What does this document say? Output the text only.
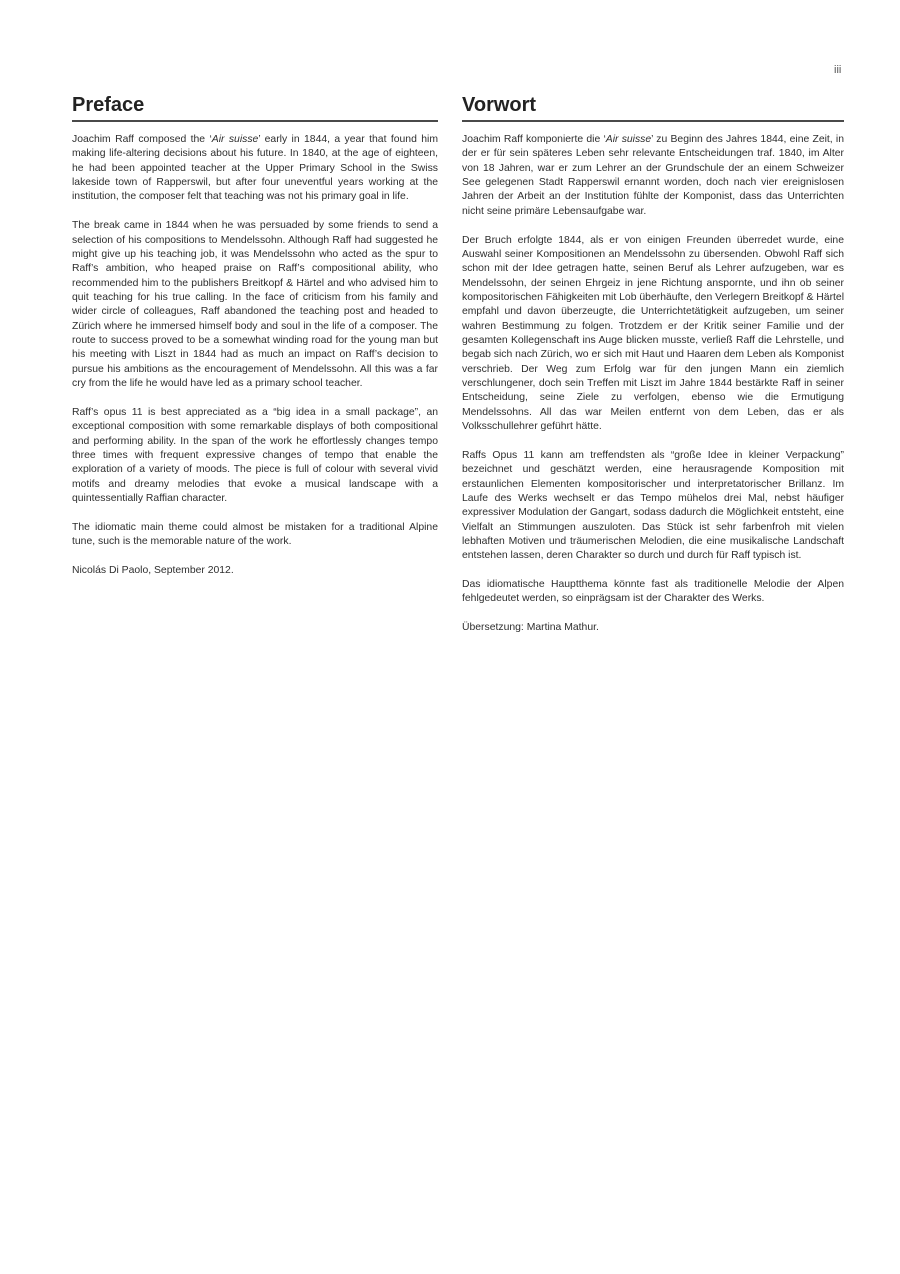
iii
Preface

Joachim Raff composed the ‘Air suisse’ early in 1844, a year that found him making life-altering decisions about his future. In 1840, at the age of eighteen, he had been appointed teacher at the Upper Primary School in the Swiss lakeside town of Rapperswil, but after four uneventful years working at the institution, the composer felt that teaching was not his primary goal in life.

The break came in 1844 when he was persuaded by some friends to send a selection of his compositions to Mendelssohn. Although Raff had suggested he might give up his teaching job, it was Mendelssohn who acted as the spur to Raff’s ambition, who heaped praise on Raff’s compositional ability, who recommended him to the publishers Breitkopf & Härtel and who advised him to quit teaching for his true calling. In the face of criticism from his family and wider circle of colleagues, Raff abandoned the teaching post and headed to Zürich where he immersed himself body and soul in the life of a composer. The route to success proved to be a somewhat winding road for the young man but his meeting with Liszt in 1844 had as much an impact on Raff’s decision to pursue his ambitions as the encouragement of Mendelssohn. All this was a far cry from the life he would have led as a primary school teacher.

Raff’s opus 11 is best appreciated as a “big idea in a small package”, an exceptional composition with some remarkable displays of both compositional and performing ability. In the span of the work he effortlessly changes tempo three times with frequent expressive changes of tempo that enable the exploration of a variety of moods. The piece is full of colour with several vivid motifs and dreamy melodies that evoke a musical landscape with a quintessentially Raffian character.

The idiomatic main theme could almost be mistaken for a traditional Alpine tune, such is the memorable nature of the work.

Nicolás Di Paolo, September 2012.

Vorwort

Joachim Raff komponierte die ‘Air suisse’ zu Beginn des Jahres 1844, eine Zeit, in der er für sein späteres Leben sehr relevante Entscheidungen traf. 1840, im Alter von 18 Jahren, war er zum Lehrer an der Grundschule der an einem Schweizer See gelegenen Stadt Rapperswil ernannt worden, doch nach vier ereignislosen Jahren der Arbeit an der Institution fühlte der Komponist, dass das Unterrichten nicht seine primäre Lebensaufgabe war.

Der Bruch erfolgte 1844, als er von einigen Freunden überredet wurde, eine Auswahl seiner Kompositionen an Mendelssohn zu übersenden. Obwohl Raff sich schon mit der Idee getragen hatte, seinen Beruf als Lehrer aufzugeben, war es Mendelssohn, der seinen Ehrgeiz in jene Richtung anspornte, und ihn ob seiner kompositorischen Fähigkeiten mit Lob überhäufte, den Verlegern Breitkopf & Härtel empfahl und davon überzeugte, die Unterrichtetätigkeit aufzugeben, um seiner wahren Bestimmung zu folgen. Trotzdem er der Kritik seiner Familie und der gesamten Kollegenschaft ins Auge blicken musste, verließ Raff die Lehrstelle, und begab sich nach Zürich, wo er sich mit Haut und Haaren dem Leben als Komponist verschrieb. Der Weg zum Erfolg war für den jungen Mann ein ziemlich verschlungener, doch sein Treffen mit Liszt im Jahre 1844 bestärkte Raff in seiner Entscheidung, seine Ziele zu verfolgen, ebenso wie die Ermutigung Mendelssohns. All das war Meilen entfernt von dem Leben, das er als Volksschullehrer geführt hätte.

Raffs Opus 11 kann am treffendsten als “große Idee in kleiner Verpackung” bezeichnet und geschätzt werden, eine herausragende Komposition mit erstaunlichen Elementen kompositorischer und interpretatorischer Brillanz. Im Laufe des Werks wechselt er das Tempo mühelos drei Mal, nebst häufiger expressiver Modulation der Gangart, sodass dadurch die Möglichkeit entsteht, eine Vielfalt an Stimmungen auszuloten. Das Stück ist sehr farbenfroh mit vielen lebhaften Motiven und träumerischen Melodien, die eine musikalische Landschaft entstehen lassen, deren Charakter so durch und durch für Raff typisch ist.

Das idiomatische Hauptthema könnte fast als traditionelle Melodie der Alpen fehlgedeutet werden, so einprägsam ist der Charakter des Werks.

Übersetzung: Martina Mathur.
